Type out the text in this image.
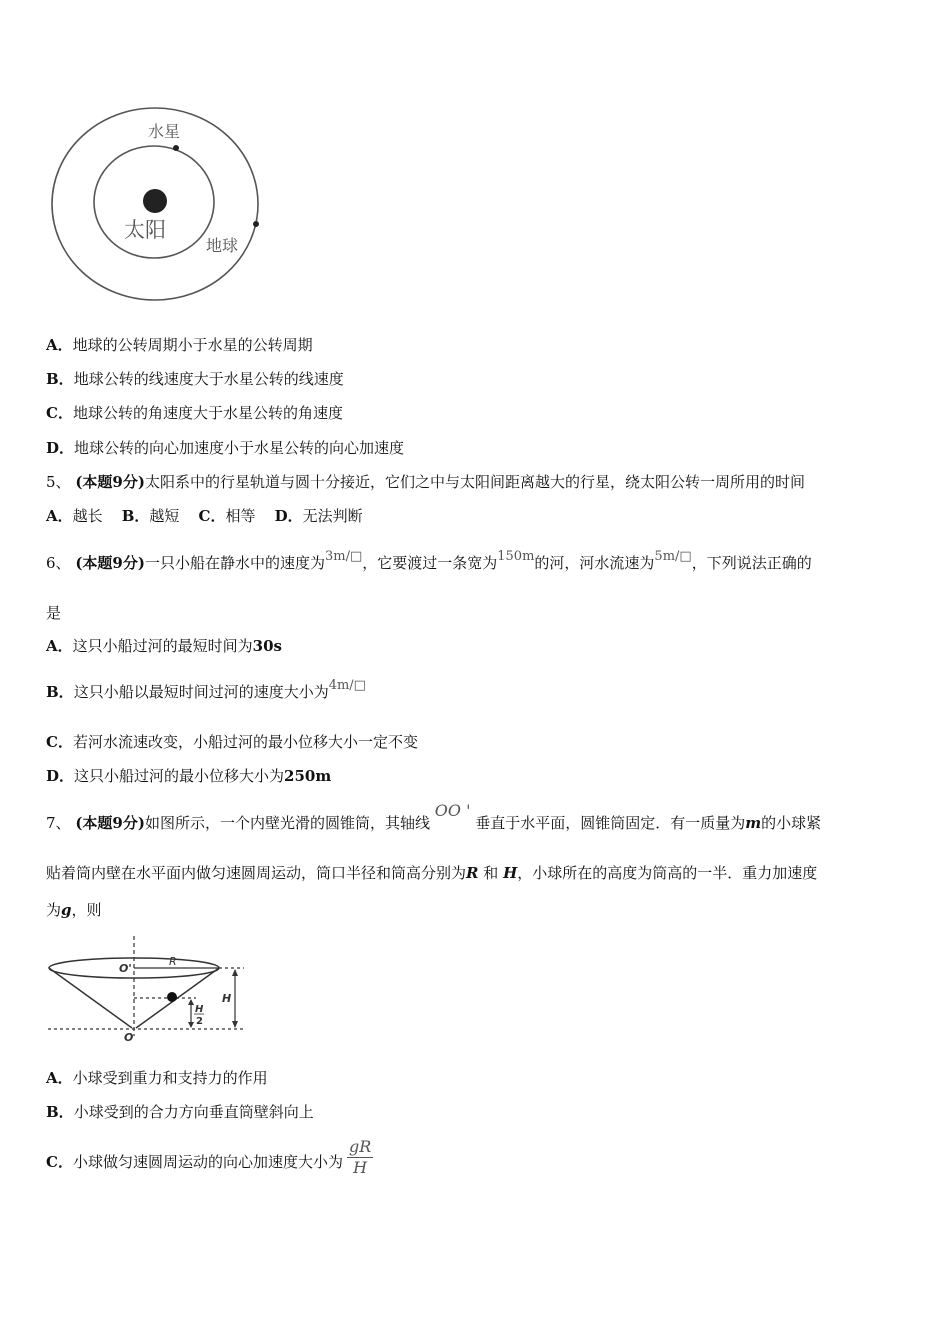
水星
太阳
地球
A．地球的公转周期小于水星的公转周期
B．地球公转的线速度大于水星公转的线速度
C．地球公转的角速度大于水星公转的角速度
D．地球公转的向心加速度小于水星公转的向心加速度
5、 (本题9分)太阳系中的行星轨道与圆十分接近，它们之中与太阳间距离越大的行星，绕太阳公转一周所用的时间
A．越长 B．越短 C．相等 D．无法判断
6、 (本题9分)一只小船在静水中的速度为3m/□，它要渡过一条宽为150m的河，河水流速为5m/□，下列说法正确的
是
A．这只小船过河的最短时间为30s
B．这只小船以最短时间过河的速度大小为4m/□
C．若河水流速改变，小船过河的最小位移大小一定不变
D．这只小船过河的最小位移大小为250m
7、 (本题9分)如图所示，一个内壁光滑的圆锥筒，其轴线 OO ' 垂直于水平面，圆锥筒固定．有一质量为m的小球紧
贴着筒内壁在水平面内做匀速圆周运动，筒口半径和筒高分别为R 和 H，小球所在的高度为筒高的一半．重力加速度
为g，则
O'
R
H
H
2
O
A．小球受到重力和支持力的作用
B．小球受到的合力方向垂直筒壁斜向上
C．小球做匀速圆周运动的向心加速度大小为 $\frac{gR}{H}$
